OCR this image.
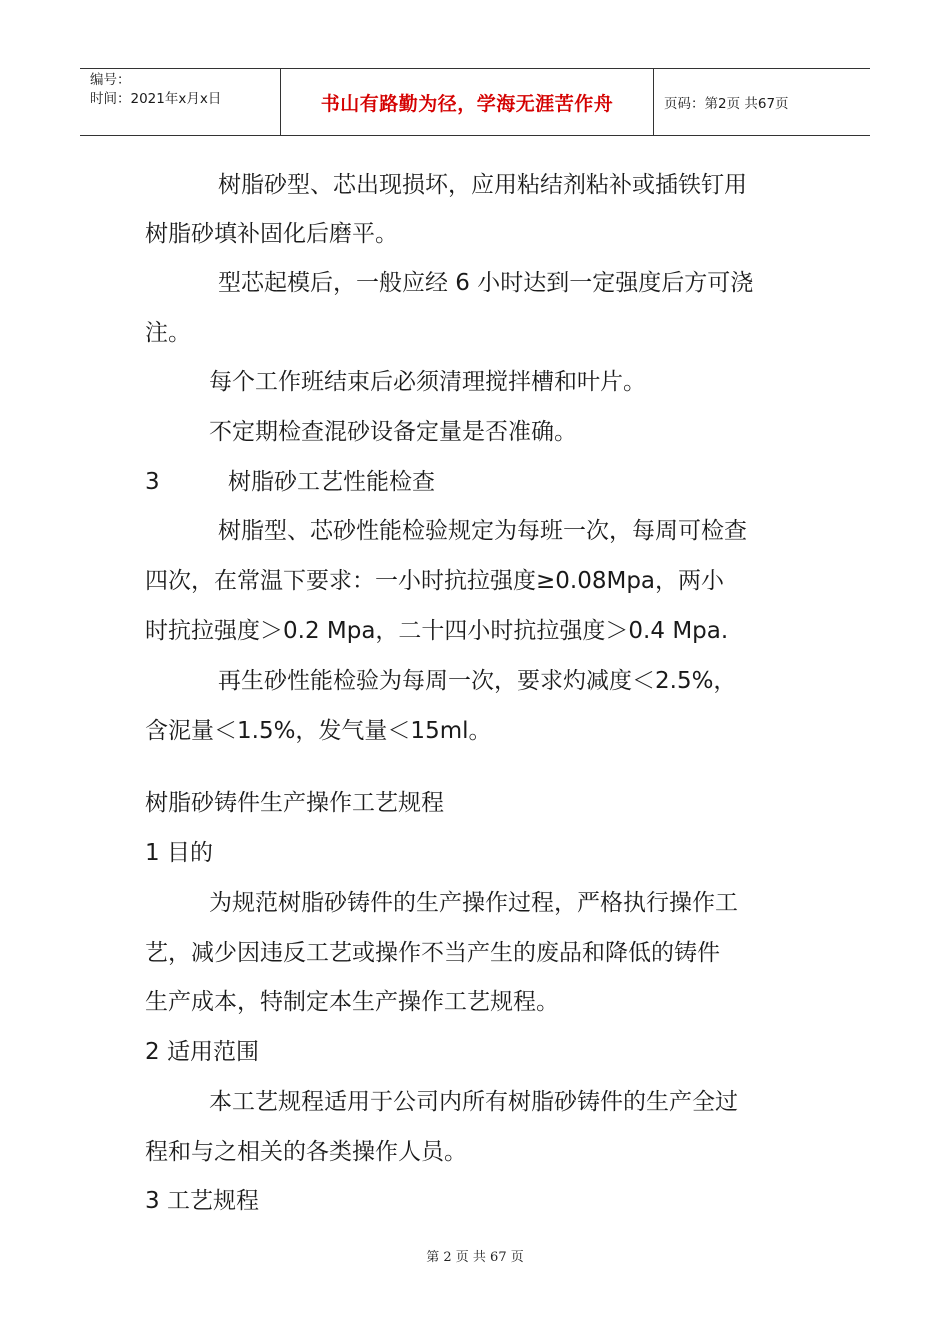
编号：
时间：2021年x月x日	书山有路勤为径，学海无涯苦作舟	页码：第2页 共67页
树脂砂型、芯出现损坏，应用粘结剂粘补或插铁钉用
树脂砂填补固化后磨平。
型芯起模后，一般应经 6 小时达到一定强度后方可浇
注。
每个工作班结束后必须清理搅拌槽和叶片。
不定期检查混砂设备定量是否准确。
3	树脂砂工艺性能检查
树脂型、芯砂性能检验规定为每班一次，每周可检查
四次，在常温下要求：一小时抗拉强度≥0.08Mpa，两小
时抗拉强度＞0.2 Mpa，二十四小时抗拉强度＞0.4 Mpa.
再生砂性能检验为每周一次，要求灼减度＜2.5%，
含泥量＜1.5%，发气量＜15ml。
树脂砂铸件生产操作工艺规程
1 目的
为规范树脂砂铸件的生产操作过程，严格执行操作工
艺，减少因违反工艺或操作不当产生的废品和降低的铸件
生产成本，特制定本生产操作工艺规程。
2 适用范围
本工艺规程适用于公司内所有树脂砂铸件的生产全过
程和与之相关的各类操作人员。
3 工艺规程
第 2 页 共 67 页
